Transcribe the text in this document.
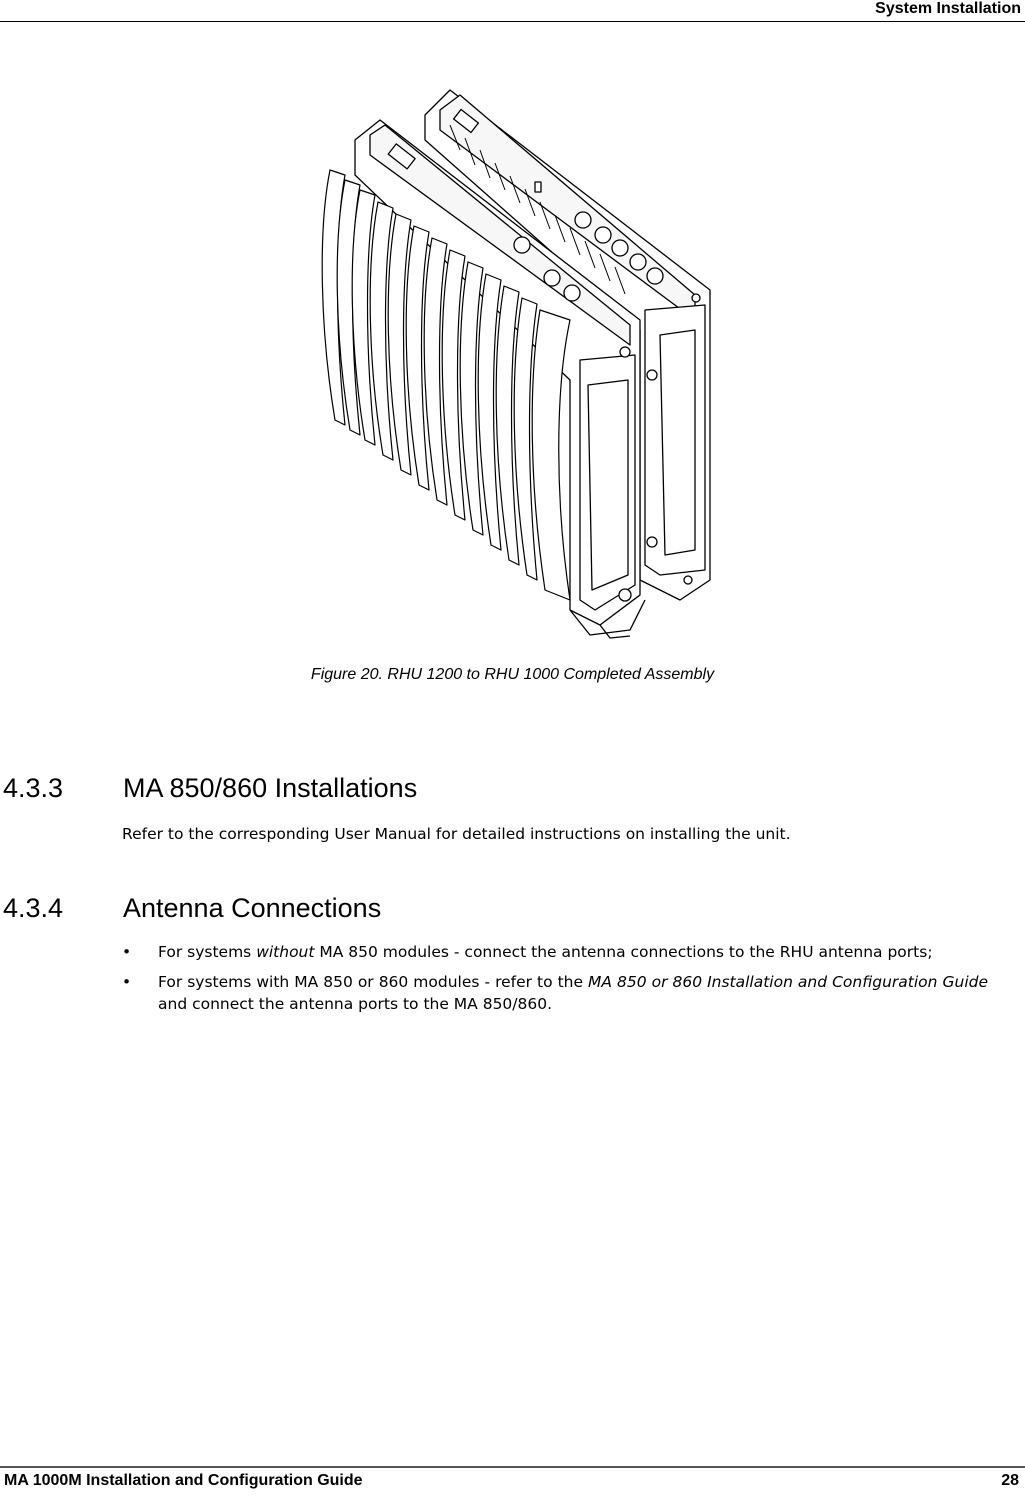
System Installation
Figure 20. RHU 1200 to RHU 1000 Completed Assembly
4.3.3 MA 850/860 Installations
Refer to the corresponding User Manual for detailed instructions on installing the unit.
4.3.4 Antenna Connections
• For systems without MA 850 modules - connect the antenna connections to the RHU antenna ports;
• For systems with MA 850 or 860 modules - refer to the MA 850 or 860 Installation and Configuration Guide and connect the antenna ports to the MA 850/860.
MA 1000M Installation and Configuration Guide	28
